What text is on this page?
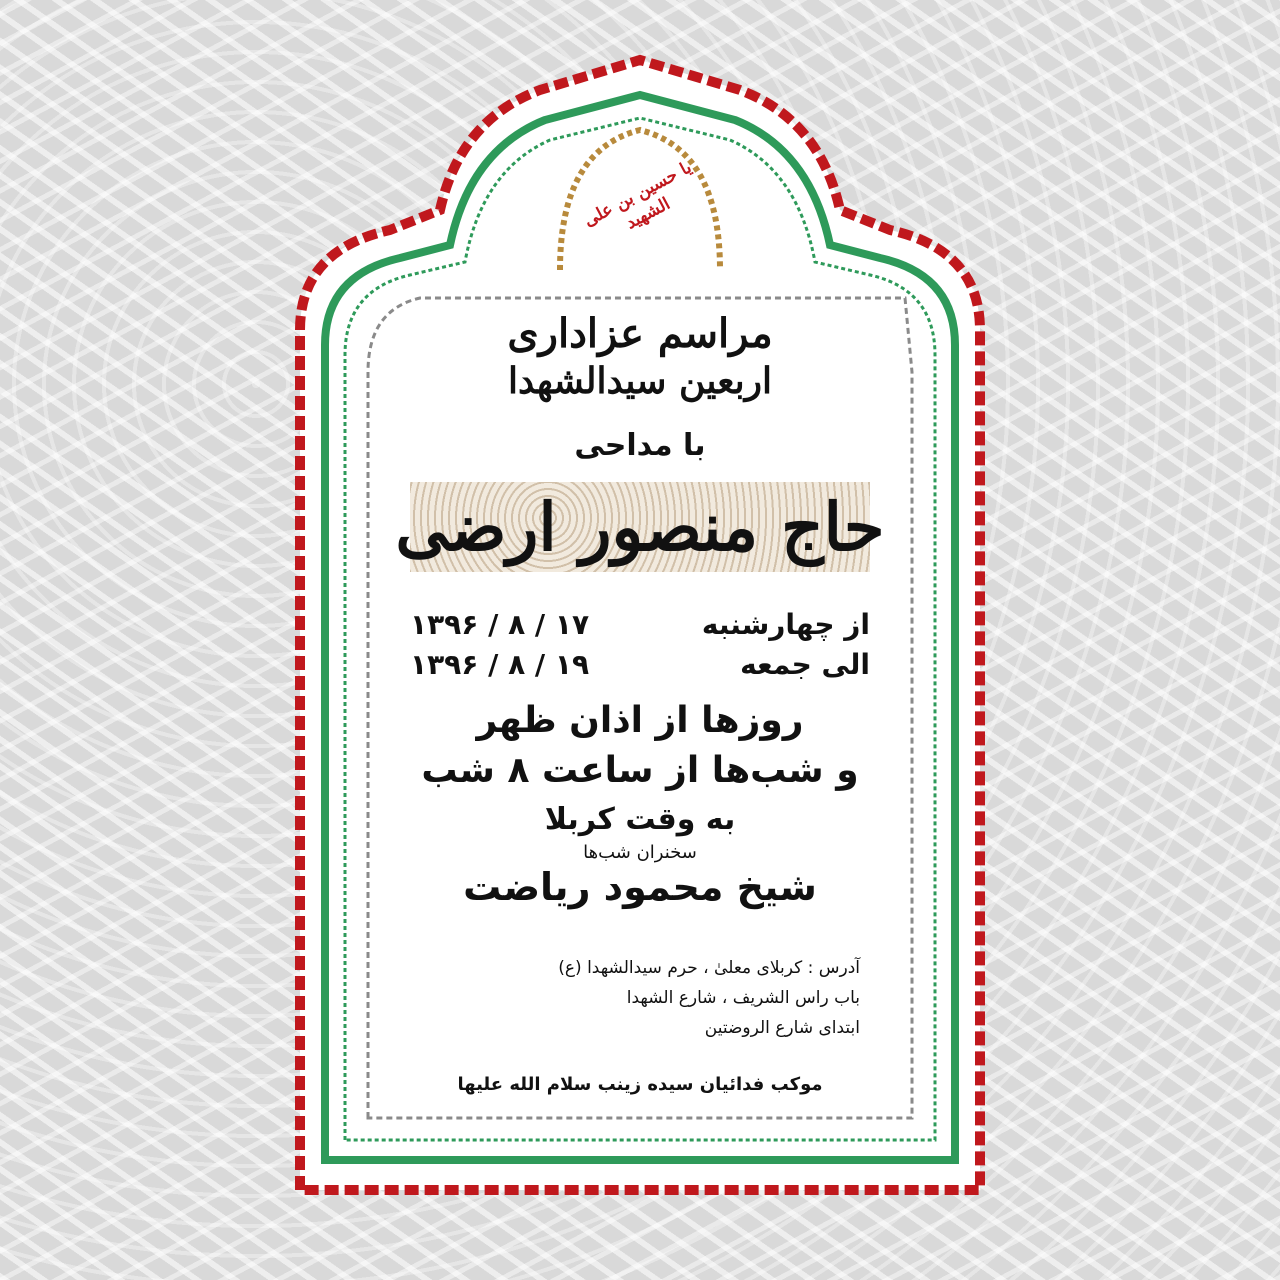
یا حسین بن علی الشهید
مراسم عزاداری
اربعین سیدالشهدا
با مداحی
حاج منصور ارضی
از چهارشنبه
۱۳۹۶ / ۸ / ۱۷
الی جمعه
۱۳۹۶ / ۸ / ۱۹
روزها از اذان ظهر
و شب‌ها از ساعت ۸ شب
به وقت کربلا
سخنران شب‌ها
شیخ محمود ریاضت
آدرس : کربلای معلیٰ ، حرم سیدالشهدا (ع)
باب راس الشریف ، شارع الشهدا
ابتدای شارع الروضتین
موکب فدائیان سیده زینب سلام الله علیها
